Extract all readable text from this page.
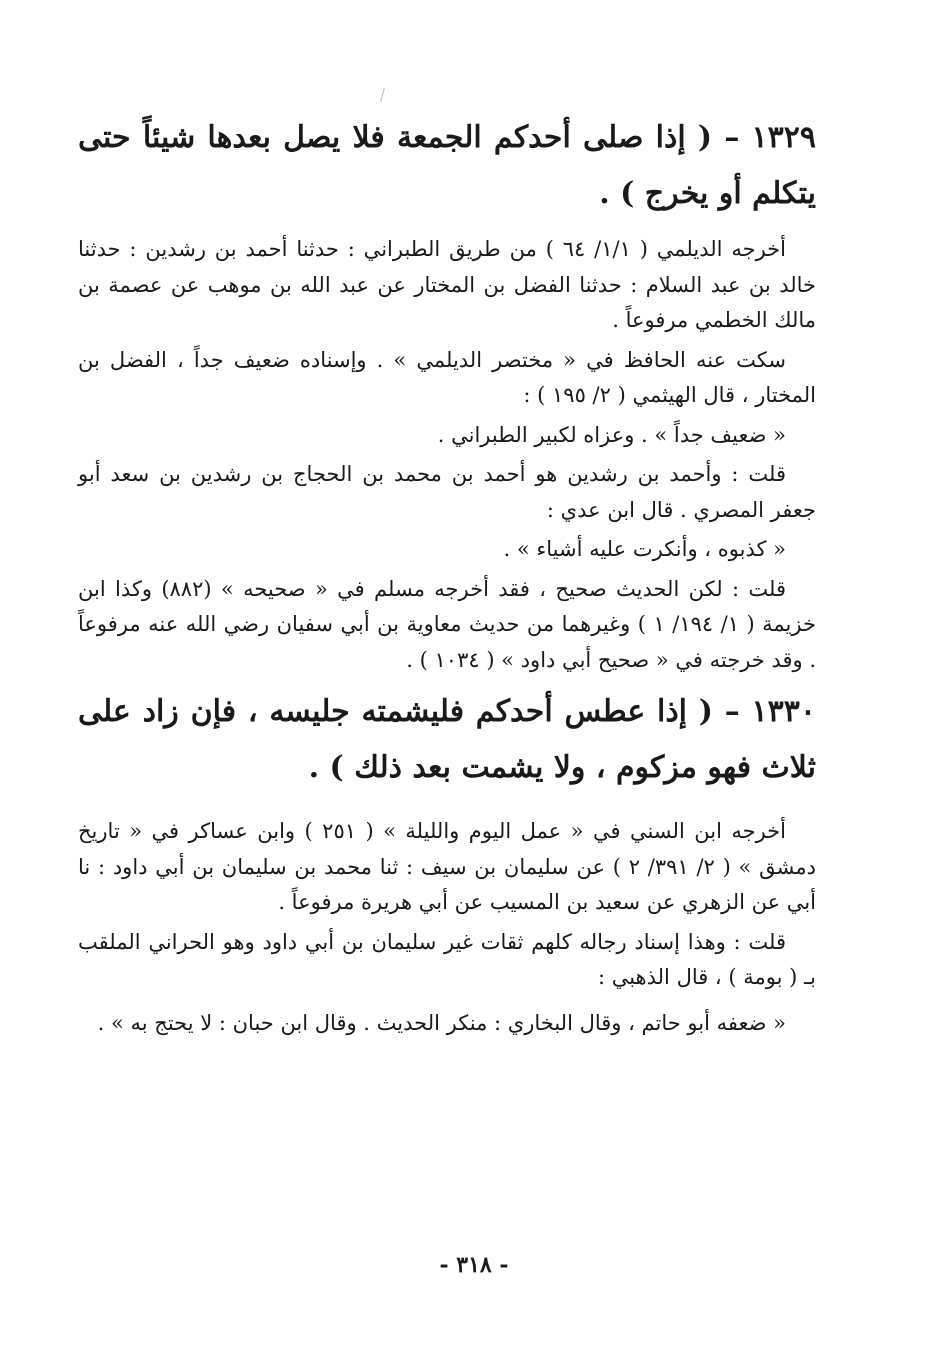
١٣٢٩ – ( إذا صلى أحدكم الجمعة فلا يصل بعدها شيئاً حتى يتكلم أو يخرج ) .
أخرجه الديلمي ( ١/١/ ٦٤ ) من طريق الطبراني : حدثنا أحمد بن رشدين : حدثنا خالد بن عبد السلام : حدثنا الفضل بن المختار عن عبد الله بن موهب عن عصمة بن مالك الخطمي مرفوعاً .
سكت عنه الحافظ في « مختصر الديلمي » . وإسناده ضعيف جداً ، الفضل بن المختار ، قال الهيثمي ( ٢/ ١٩٥ ) :
« ضعيف جداً » . وعزاه لكبير الطبراني .
قلت : وأحمد بن رشدين هو أحمد بن محمد بن الحجاج بن رشدين بن سعد أبو جعفر المصري . قال ابن عدي :
« كذبوه ، وأنكرت عليه أشياء » .
قلت : لكن الحديث صحيح ، فقد أخرجه مسلم في « صحيحه » (٨٨٢) وكذا ابن خزيمة ( ١/ ١٩٤/ ١ ) وغيرهما من حديث معاوية بن أبي سفيان رضي الله عنه مرفوعاً . وقد خرجته في « صحيح أبي داود » ( ١٠٣٤ ) .
١٣٣٠ – ( إذا عطس أحدكم فليشمته جليسه ، فإن زاد على ثلاث فهو مزكوم ، ولا يشمت بعد ذلك ) .
أخرجه ابن السني في « عمل اليوم والليلة » ( ٢٥١ ) وابن عساكر في « تاريخ دمشق » ( ٢/ ٣٩١/ ٢ ) عن سليمان بن سيف : ثنا محمد بن سليمان بن أبي داود : نا أبي عن الزهري عن سعيد بن المسيب عن أبي هريرة مرفوعاً .
قلت : وهذا إسناد رجاله كلهم ثقات غير سليمان بن أبي داود وهو الحراني الملقب بـ ( بومة ) ، قال الذهبي :
« ضعفه أبو حاتم ، وقال البخاري : منكر الحديث . وقال ابن حبان : لا يحتج به » .
- ٣١٨ -
